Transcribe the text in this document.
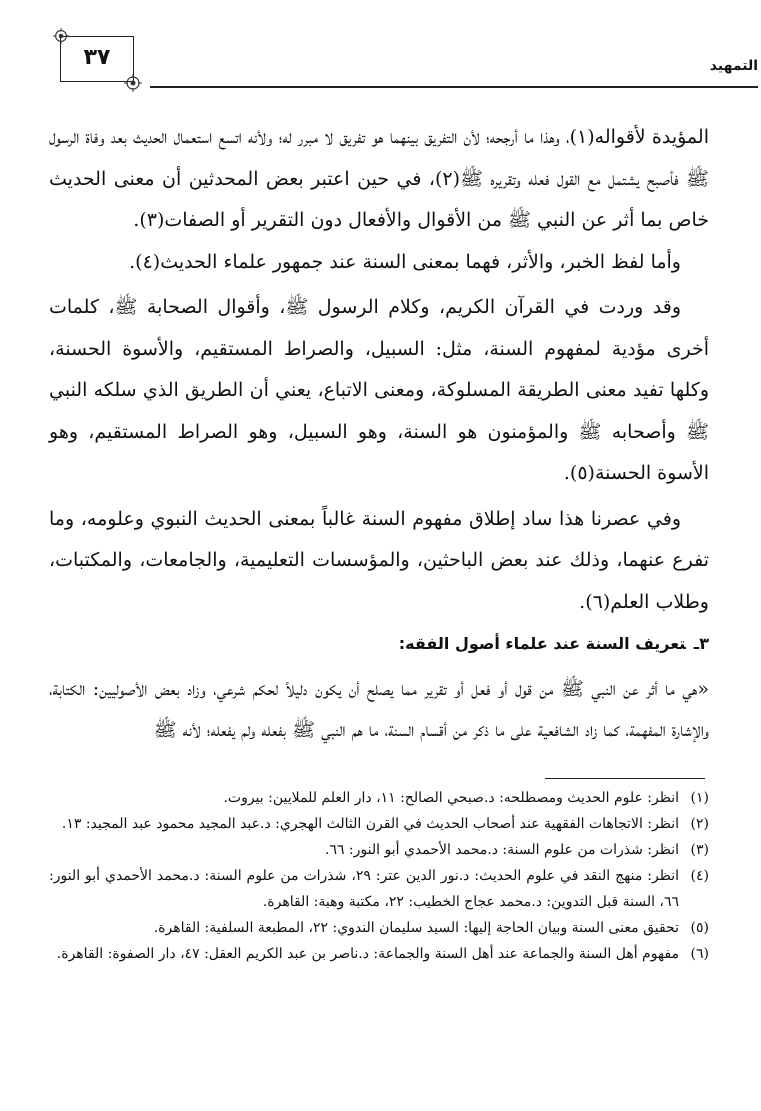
التمهيد
٣٧

المؤيدة لأقواله(١)، وهذا ما أرجحه؛ لأن التفريق بينهما هو تفريق لا مبرر له؛ ولأنه اتسع استعمال الحديث بعد وفاة الرسول ﷺ فأصبح يشتمل مع القول فعله وتقريره ﷺ(٢)، في حين اعتبر بعض المحدثين أن معنى الحديث خاص بما أثر عن النبي ﷺ من الأقوال والأفعال دون التقرير أو الصفات(٣).

وأما لفظ الخبر، والأثر، فهما بمعنى السنة عند جمهور علماء الحديث(٤).

وقد وردت في القرآن الكريم، وكلام الرسول ﷺ، وأقوال الصحابة ﷺ، كلمات أخرى مؤدية لمفهوم السنة، مثل: السبيل، والصراط المستقيم، والأسوة الحسنة، وكلها تفيد معنى الطريقة المسلوكة، ومعنى الاتباع، يعني أن الطريق الذي سلكه النبي ﷺ وأصحابه ﷺ والمؤمنون هو السنة، وهو السبيل، وهو الصراط المستقيم، وهو الأسوة الحسنة(٥).

وفي عصرنا هذا ساد إطلاق مفهوم السنة غالباً بمعنى الحديث النبوي وعلومه، وما تفرع عنهما، وذلك عند بعض الباحثين، والمؤسسات التعليمية، والجامعات، والمكتبات، وطلاب العلم(٦).

٣ـتعريف السنة عند علماء أصول الفقه:

«هي ما أثر عن النبي ﷺ من قول أو فعل أو تقرير مما يصلح أن يكون دليلاً لحكم شرعي، وزاد بعض الأصوليين: الكتابة، والإشارة المفهمة، كما زاد الشافعية على ما ذكر من أقسام السنة، ما هم النبي ﷺ بفعله ولم يفعله؛ لأنه ﷺ

(١)
انظر: علوم الحديث ومصطلحه: د.صبحي الصالح: ١١، دار العلم للملايين: بيروت.

(٢)
انظر: الاتجاهات الفقهية عند أصحاب الحديث في القرن الثالث الهجري: د.عبد المجيد محمود عبد المجيد: ١٣.

(٣)
انظر: شذرات من علوم السنة: د.محمد الأحمدي أبو النور: ٦٦.

(٤)
انظر: منهج النقد في علوم الحديث: د.نور الدين عتر: ٢٩، شذرات من علوم السنة: د.محمد الأحمدي أبو النور: ٦٦، السنة قبل التدوين: د.محمد عجاج الخطيب: ٢٢، مكتبة وهبة: القاهرة.

(٥)
تحقيق معنى السنة وبيان الحاجة إليها: السيد سليمان الندوي: ٢٢، المطبعة السلفية: القاهرة.

(٦)
مفهوم أهل السنة والجماعة عند أهل السنة والجماعة: د.ناصر بن عبد الكريم العقل: ٤٧، دار الصفوة: القاهرة.
